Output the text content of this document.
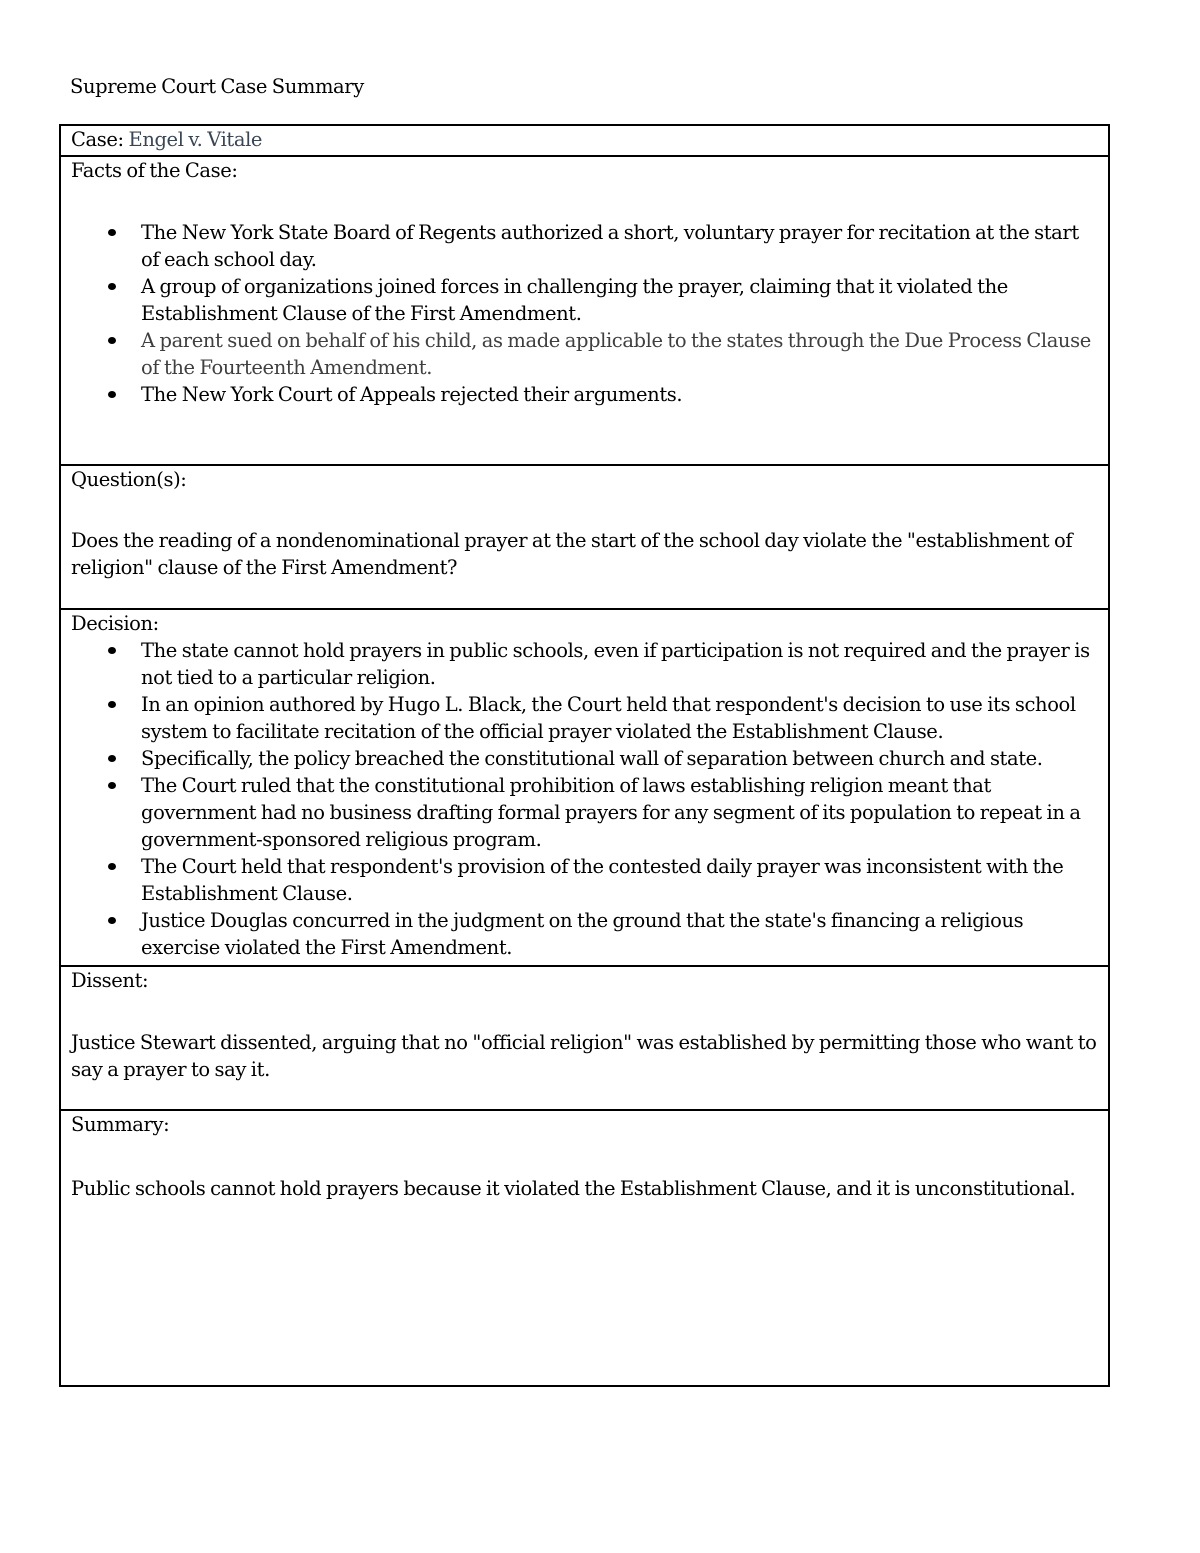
Supreme Court Case Summary
Case: Engel v. Vitale
Facts of the Case:
The New York State Board of Regents authorized a short, voluntary prayer for recitation at the start of each school day.
A group of organizations joined forces in challenging the prayer, claiming that it violated the Establishment Clause of the First Amendment.
A parent sued on behalf of his child, as made applicable to the states through the Due Process Clause of the Fourteenth Amendment.
The New York Court of Appeals rejected their arguments.
Question(s):

Does the reading of a nondenominational prayer at the start of the school day violate the "establishment of religion" clause of the First Amendment?

Decision:
The state cannot hold prayers in public schools, even if participation is not required and the prayer is not tied to a particular religion.
In an opinion authored by Hugo L. Black, the Court held that respondent's decision to use its school system to facilitate recitation of the official prayer violated the Establishment Clause.
Specifically, the policy breached the constitutional wall of separation between church and state.
The Court ruled that the constitutional prohibition of laws establishing religion meant that government had no business drafting formal prayers for any segment of its population to repeat in a government-sponsored religious program.
The Court held that respondent's provision of the contested daily prayer was inconsistent with the Establishment Clause.
Justice Douglas concurred in the judgment on the ground that the state's financing a religious exercise violated the First Amendment.
Dissent:

Justice Stewart dissented, arguing that no "official religion" was established by permitting those who want to say a prayer to say it.

Summary:

Public schools cannot hold prayers because it violated the Establishment Clause, and it is unconstitutional.
